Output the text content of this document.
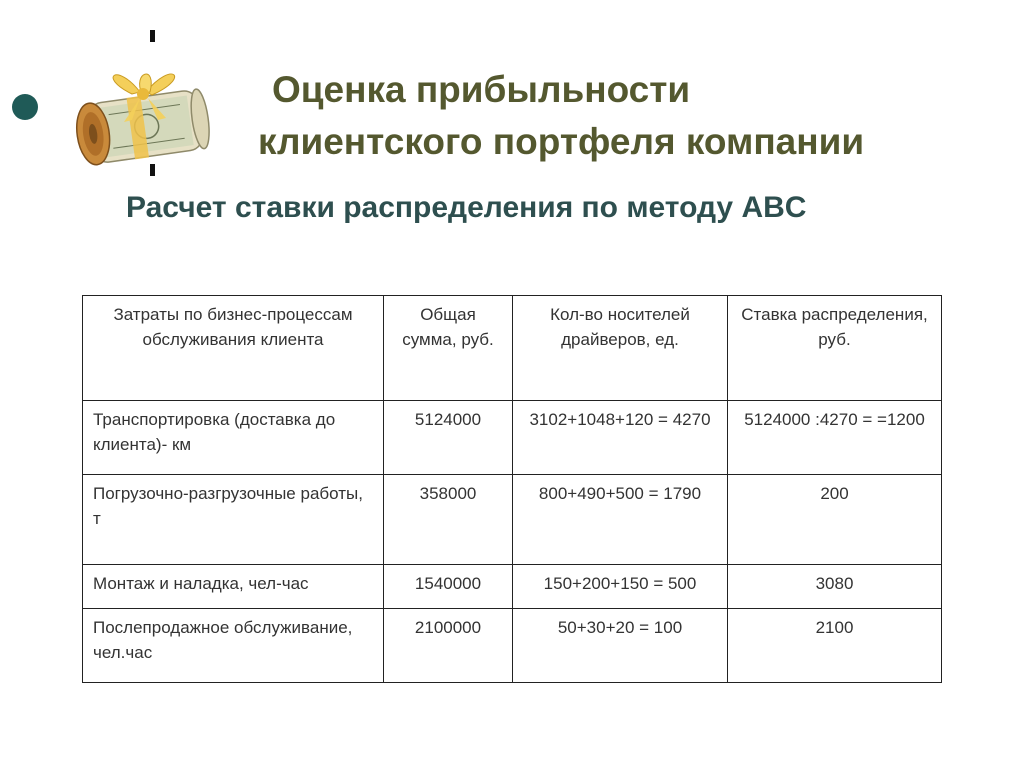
Оценка прибыльности
клиентского портфеля компании
Расчет ставки распределения по методу ABC
Затраты по бизнес-процессам обслуживания клиента	Общая сумма, руб.	Кол-во носителей драйверов, ед.	Ставка распределения, руб.
Транспортировка (доставка до клиента)- км	5124000	3102+1048+120 = 4270	5124000 :4270 = =1200
Погрузочно-разгрузочные работы, т	358000	800+490+500 = 1790	200
Монтаж и наладка, чел-час	1540000	150+200+150 = 500	3080
Послепродажное обслуживание, чел.час	2100000	50+30+20 = 100	2100
